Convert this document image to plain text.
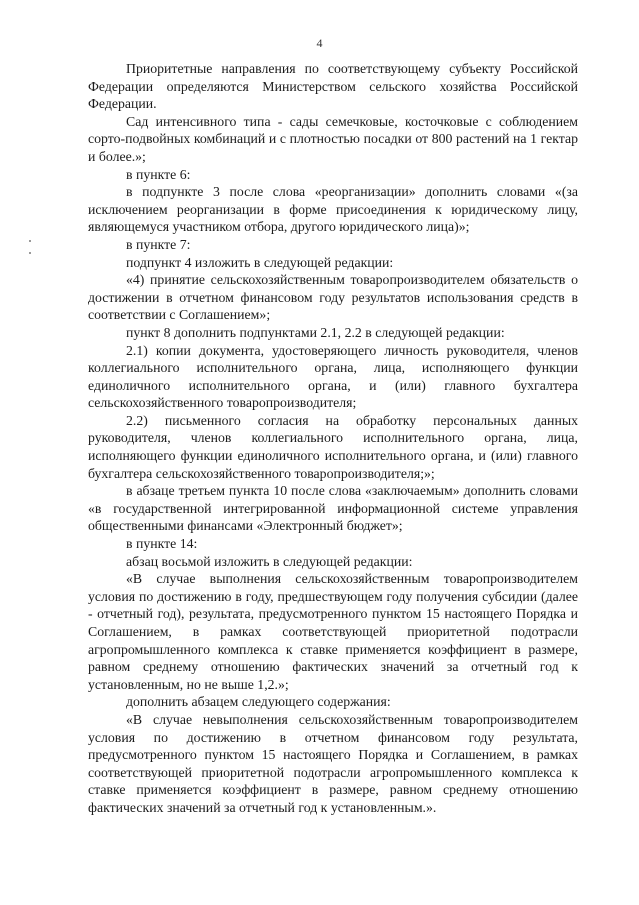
4

Приоритетные направления по соответствующему субъекту Российской Федерации определяются Министерством сельского хозяйства Российской Федерации.

Сад интенсивного типа - сады семечковые, косточковые с соблюдением сорто-подвойных комбинаций и с плотностью посадки от 800 растений на 1 гектар и более.»;

в пункте 6:

в подпункте 3 после слова «реорганизации» дополнить словами «(за исключением реорганизации в форме присоединения к юридическому лицу, являющемуся участником отбора, другого юридического лица)»;

в пункте 7:

подпункт 4 изложить в следующей редакции:

«4) принятие сельскохозяйственным товаропроизводителем обязательств о достижении в отчетном финансовом году результатов использования средств в соответствии с Соглашением»;

пункт 8 дополнить подпунктами 2.1, 2.2 в следующей редакции:

2.1) копии документа, удостоверяющего личность руководителя, членов коллегиального исполнительного органа, лица, исполняющего функции единоличного исполнительного органа, и (или) главного бухгалтера сельскохозяйственного товаропроизводителя;

2.2) письменного согласия на обработку персональных данных руководителя, членов коллегиального исполнительного органа, лица, исполняющего функции единоличного исполнительного органа, и (или) главного бухгалтера сельскохозяйственного товаропроизводителя;»;

в абзаце третьем пункта 10 после слова «заключаемым» дополнить словами «в государственной интегрированной информационной системе управления общественными финансами «Электронный бюджет»;

в пункте 14:

абзац восьмой изложить в следующей редакции:

«В случае выполнения сельскохозяйственным товаропроизводителем условия по достижению в году, предшествующем году получения субсидии (далее - отчетный год), результата, предусмотренного пунктом 15 настоящего Порядка и Соглашением, в рамках соответствующей приоритетной подотрасли агропромышленного комплекса к ставке применяется коэффициент в размере, равном среднему отношению фактических значений за отчетный год к установленным, но не выше 1,2.»;

дополнить абзацем следующего содержания:

«В случае невыполнения сельскохозяйственным товаропроизводителем условия по достижению в отчетном финансовом году результата, предусмотренного пунктом 15 настоящего Порядка и Соглашением, в рамках соответствующей приоритетной подотрасли агропромышленного комплекса к ставке применяется коэффициент в размере, равном среднему отношению фактических значений за отчетный год к установленным.».
